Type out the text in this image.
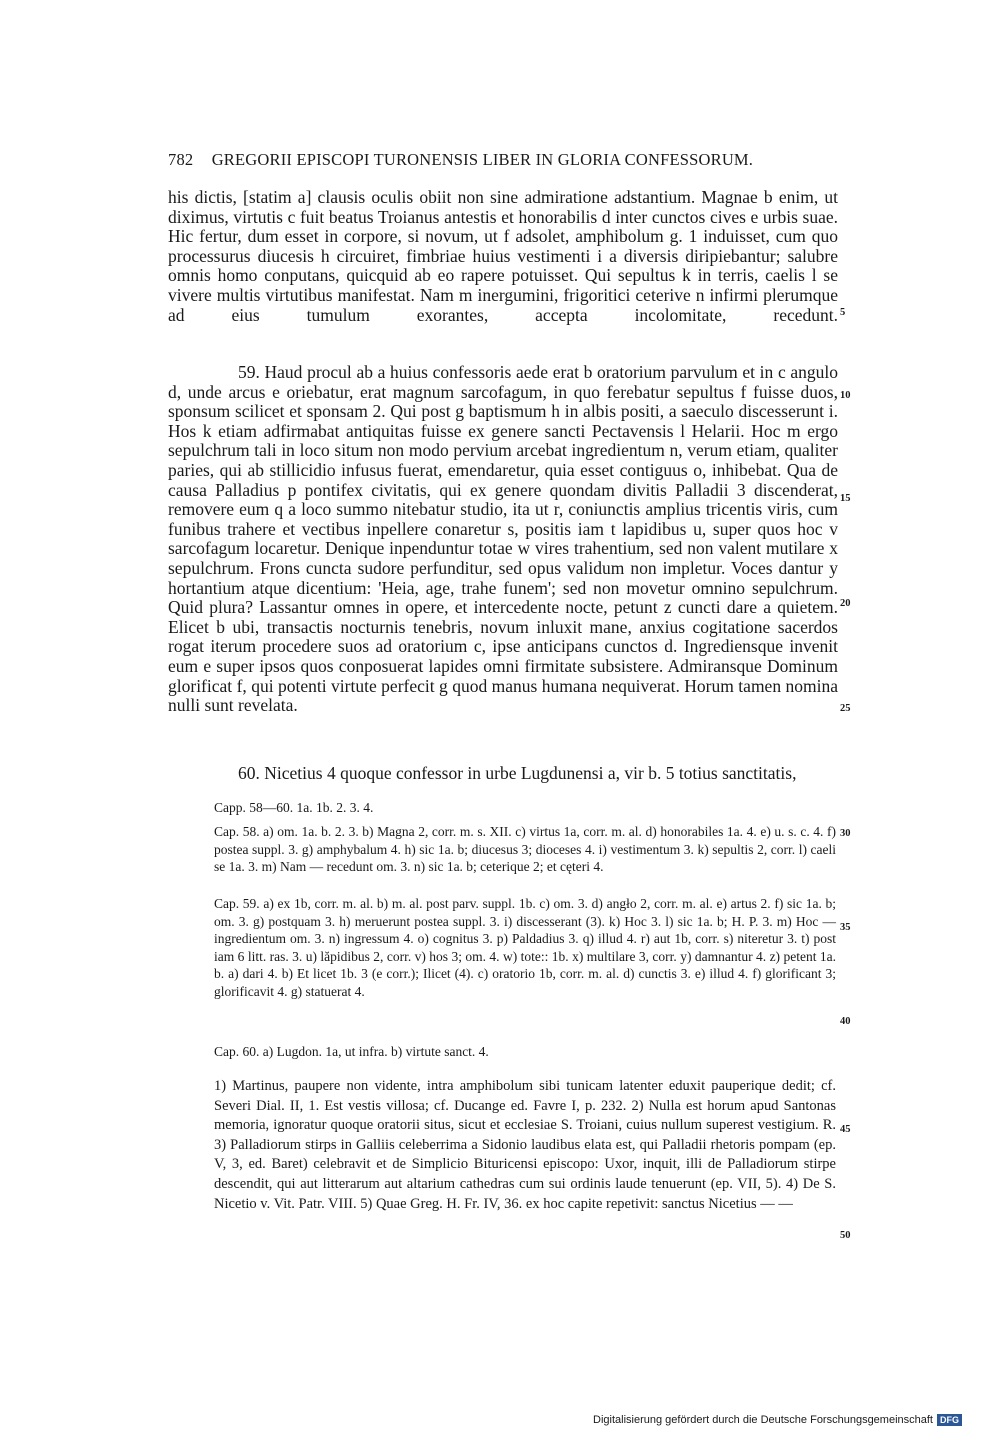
782 GREGORII EPISCOPI TURONENSIS LIBER IN GLORIA CONFESSORUM.
his dictis, [statim a] clausis oculis obiit non sine admiratione adstantium. Magnae b enim, ut diximus, virtutis c fuit beatus Troianus antestis et honorabilis d inter cunctos cives e urbis suae. Hic fertur, dum esset in corpore, si novum, ut f adsolet, amphibolum g. 1 induisset, cum quo processurus diucesis h circuiret, fimbriae huius vestimenti i a diversis diripiebantur; salubre omnis homo conputans, quicquid ab eo rapere potuisset. Qui sepultus k in terris, caelis l se vivere multis virtutibus manifestat. Nam m inergumini, frigoritici ceterive n infirmi plerumque ad eius tumulum exorantes, accepta incolomitate, recedunt.
59. Haud procul ab a huius confessoris aede erat b oratorium parvulum et in c angulo d, unde arcus e oriebatur, erat magnum sarcofagum, in quo ferebatur sepultus f fuisse duos, sponsum scilicet et sponsam 2. Qui post g baptismum h in albis positi, a saeculo discesserunt i. Hos k etiam adfirmabat antiquitas fuisse ex genere sancti Pectavensis l Helarii. Hoc m ergo sepulchrum tali in loco situm non modo pervium arcebat ingredientum n, verum etiam, qualiter paries, qui ab stillicidio infusus fuerat, emendaretur, quia esset contiguus o, inhibebat. Qua de causa Palladius p pontifex civitatis, qui ex genere quondam divitis Palladii 3 discenderat, removere eum q a loco summo nitebatur studio, ita ut r, coniunctis amplius tricentis viris, cum funibus trahere et vectibus inpellere conaretur s, positis iam t lapidibus u, super quos hoc v sarcofagum locaretur. Denique inpenduntur totae w vires trahentium, sed non valent mutilare x sepulchrum. Frons cuncta sudore perfunditur, sed opus validum non impletur. Voces dantur y hortantium atque dicentium: 'Heia, age, trahe funem'; sed non movetur omnino sepulchrum. Quid plura? Lassantur omnes in opere, et intercedente nocte, petunt z cuncti dare a quietem. Elicet b ubi, transactis nocturnis tenebris, novum inluxit mane, anxius cogitatione sacerdos rogat iterum procedere suos ad oratorium c, ipse anticipans cunctos d. Ingrediensque invenit eum e super ipsos quos conposuerat lapides omni firmitate subsistere. Admiransque Dominum glorificat f, qui potenti virtute perfecit g quod manus humana nequiverat. Horum tamen nomina nulli sunt revelata.
60. Nicetius 4 quoque confessor in urbe Lugdunensi a, vir b. 5 totius sanctitatis,
5
10
15
20
25
30
35
40
45
50
Capp. 58—60. 1a. 1b. 2. 3. 4.
Cap. 58. a) om. 1a. b. 2. 3. b) Magna 2, corr. m. s. XII. c) virtus 1a, corr. m. al. d) honorabiles 1a. 4. e) u. s. c. 4. f) postea suppl. 3. g) amphybalum 4. h) sic 1a. b; diucesus 3; dioceses 4. i) vestimentum 3. k) sepultis 2, corr. l) caeli se 1a. 3. m) Nam — recedunt om. 3. n) sic 1a. b; ceterique 2; et cęteri 4.
Cap. 59. a) ex 1b, corr. m. al. b) m. al. post parv. suppl. 1b. c) om. 3. d) angło 2, corr. m. al. e) artus 2. f) sic 1a. b; om. 3. g) postquam 3. h) meruerunt postea suppl. 3. i) discesserant (3). k) Hoc 3. l) sic 1a. b; H. P. 3. m) Hoc — ingredientum om. 3. n) ingressum 4. o) cognitus 3. p) Paldadius 3. q) illud 4. r) aut 1b, corr. s) niteretur 3. t) post iam 6 litt. ras. 3. u) lăpidibus 2, corr. v) hos 3; om. 4. w) tote:: 1b. x) multilare 3, corr. y) damnantur 4. z) petent 1a. b. a) dari 4. b) Et licet 1b. 3 (e corr.); Ilicet (4). c) oratorio 1b, corr. m. al. d) cunctis 3. e) illud 4. f) glorificant 3; glorificavit 4. g) statuerat 4.
Cap. 60. a) Lugdon. 1a, ut infra. b) virtute sanct. 4.
1) Martinus, paupere non vidente, intra amphibolum sibi tunicam latenter eduxit pauperique dedit; cf. Severi Dial. II, 1. Est vestis villosa; cf. Ducange ed. Favre I, p. 232. 2) Nulla est horum apud Santonas memoria, ignoratur quoque oratorii situs, sicut et ecclesiae S. Troiani, cuius nullum superest vestigium. R. 3) Palladiorum stirps in Galliis celeberrima a Sidonio laudibus elata est, qui Palladii rhetoris pompam (ep. V, 3, ed. Baret) celebravit et de Simplicio Bituricensi episcopo: Uxor, inquit, illi de Palladiorum stirpe descendit, qui aut litterarum aut altarium cathedras cum sui ordinis laude tenuerunt (ep. VII, 5). 4) De S. Nicetio v. Vit. Patr. VIII. 5) Quae Greg. H. Fr. IV, 36. ex hoc capite repetivit: sanctus Nicetius — —
Digitalisierung gefördert durch die Deutsche Forschungsgemeinschaft DFG
